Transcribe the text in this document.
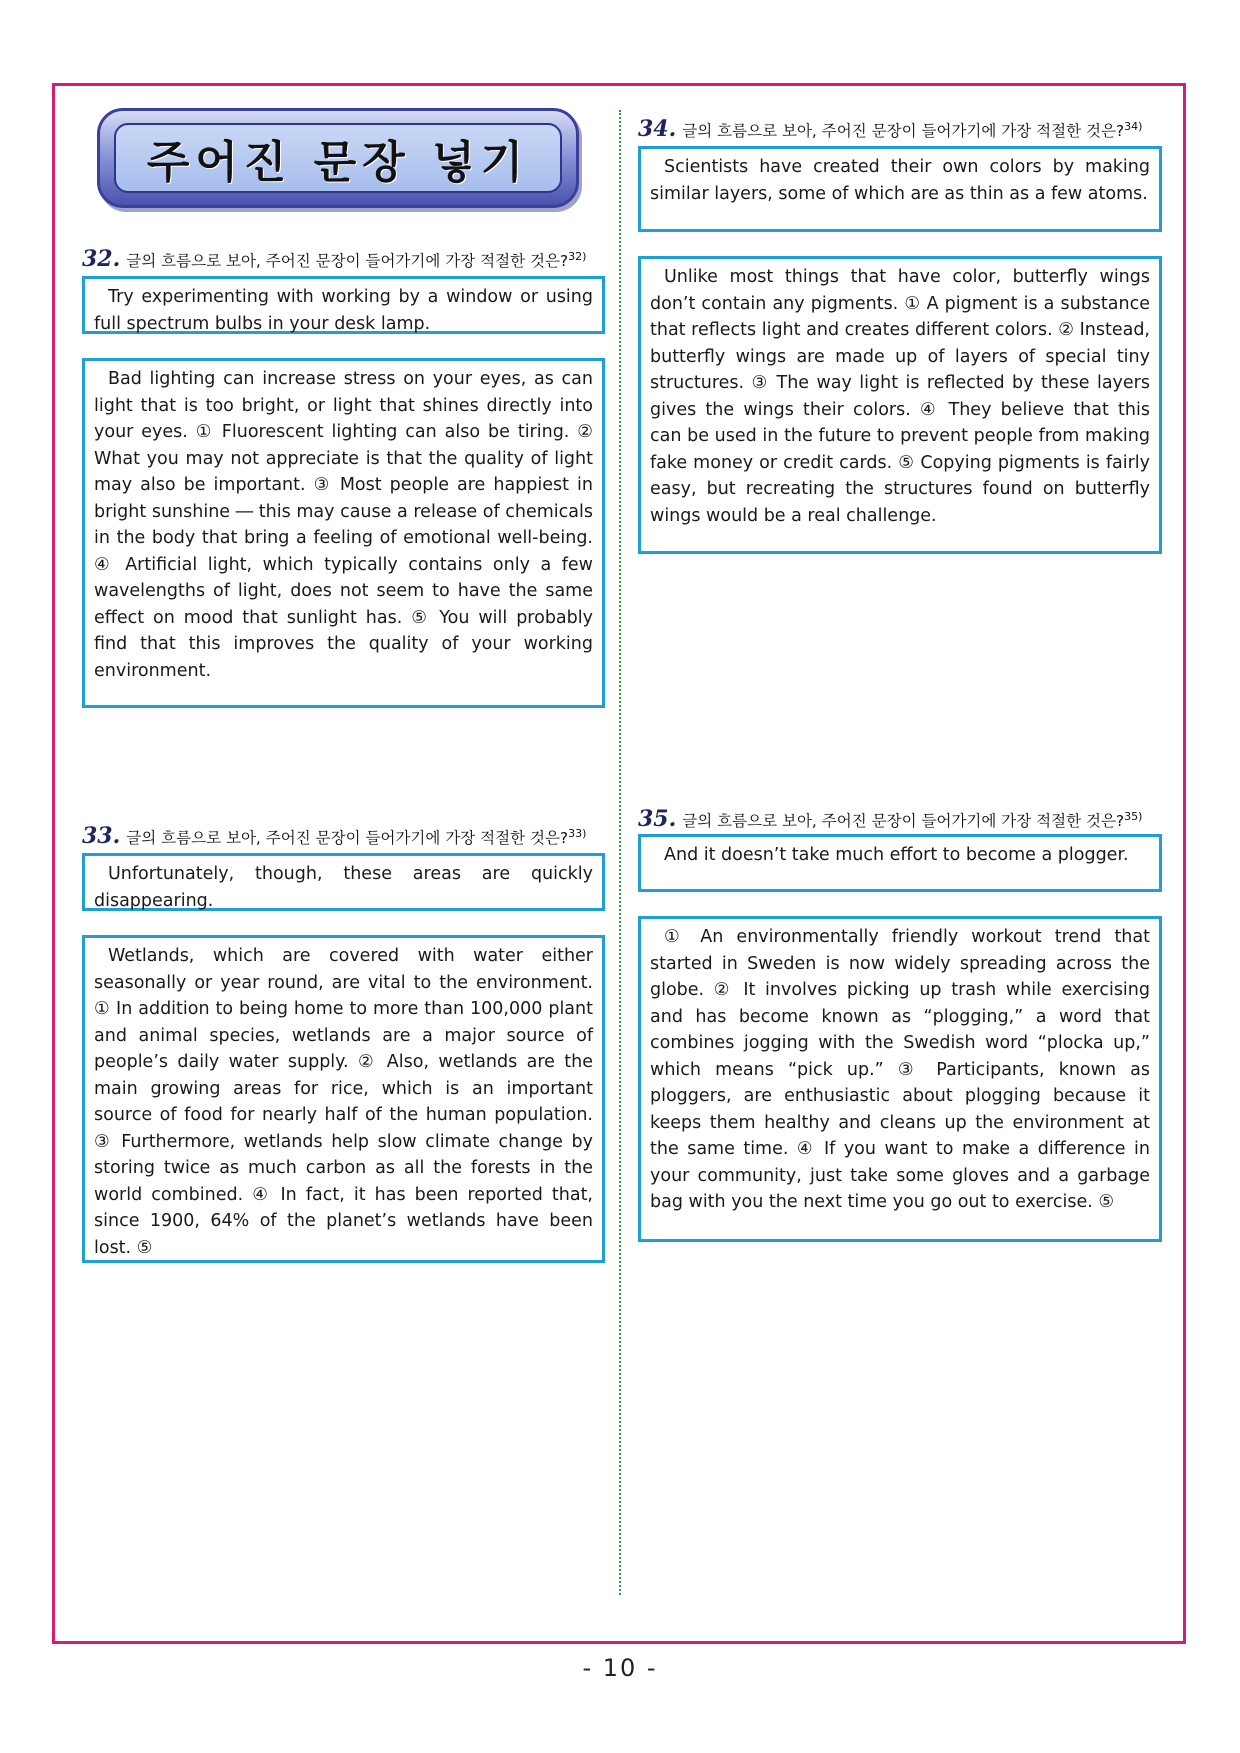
주어진 문장 넣기
32. 글의 흐름으로 보아, 주어진 문장이 들어가기에 가장 적절한 것은?$^{32)}$
Try experimenting with working by a window or using full spectrum bulbs in your desk lamp.
Bad lighting can increase stress on your eyes, as can light that is too bright, or light that shines directly into your eyes. ① Fluorescent lighting can also be tiring. ② What you may not appreciate is that the quality of light may also be important. ③ Most people are happiest in bright sunshine ― this may cause a release of chemicals in the body that bring a feeling of emotional well-being. ④ Artificial light, which typically contains only a few wavelengths of light, does not seem to have the same effect on mood that sunlight has. ⑤ You will probably find that this improves the quality of your working environment.
33. 글의 흐름으로 보아, 주어진 문장이 들어가기에 가장 적절한 것은?$^{33)}$
Unfortunately, though, these areas are quickly disappearing.
Wetlands, which are covered with water either seasonally or year round, are vital to the environment. ① In addition to being home to more than 100,000 plant and animal species, wetlands are a major source of people’s daily water supply. ② Also, wetlands are the main growing areas for rice, which is an important source of food for nearly half of the human population. ③ Furthermore, wetlands help slow climate change by storing twice as much carbon as all the forests in the world combined. ④ In fact, it has been reported that, since 1900, 64% of the planet’s wetlands have been lost. ⑤
34. 글의 흐름으로 보아, 주어진 문장이 들어가기에 가장 적절한 것은?$^{34)}$
Scientists have created their own colors by making similar layers, some of which are as thin as a few atoms.
Unlike most things that have color, butterfly wings don’t contain any pigments. ① A pigment is a substance that reflects light and creates different colors. ② Instead, butterfly wings are made up of layers of special tiny structures. ③ The way light is reflected by these layers gives the wings their colors. ④ They believe that this can be used in the future to prevent people from making fake money or credit cards. ⑤ Copying pigments is fairly easy, but recreating the structures found on butterfly wings would be a real challenge.
35. 글의 흐름으로 보아, 주어진 문장이 들어가기에 가장 적절한 것은?$^{35)}$
And it doesn’t take much effort to become a plogger.
① An environmentally friendly workout trend that started in Sweden is now widely spreading across the globe. ② It involves picking up trash while exercising and has become known as “plogging,” a word that combines jogging with the Swedish word “plocka up,” which means “pick up.” ③ Participants, known as ploggers, are enthusiastic about plogging because it keeps them healthy and cleans up the environment at the same time. ④ If you want to make a difference in your community, just take some gloves and a garbage bag with you the next time you go out to exercise. ⑤
- 10 -
